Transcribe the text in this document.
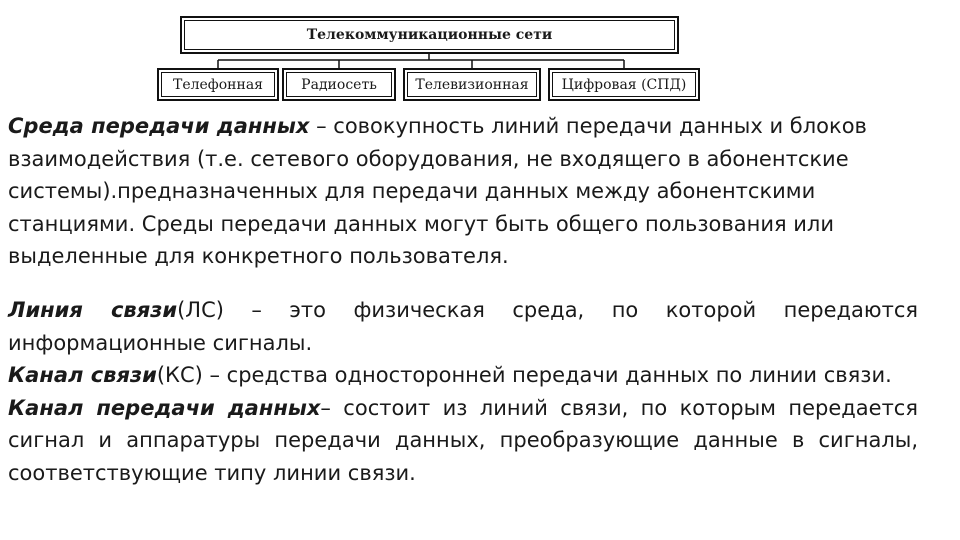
Телекоммуникационные сети
Телефонная	Радиосеть	Телевизионная	Цифровая (СПД)

Среда передачи данных – совокупность линий передачи данных и блоков взаимодействия (т.е. сетевого оборудования, не входящего в абонентские системы).предназначенных для передачи данных между абонентскими станциями. Среды передачи данных могут быть общего пользования или выделенные для конкретного пользователя.

Линия связи(ЛС) – это физическая среда, по которой передаются информационные сигналы.

Канал связи(КС) – средства односторонней передачи данных по линии связи.

Канал передачи данных– состоит из линий связи, по которым передается сигнал и аппаратуры передачи данных, преобразующие данные в сигналы, соответствующие типу линии связи.
